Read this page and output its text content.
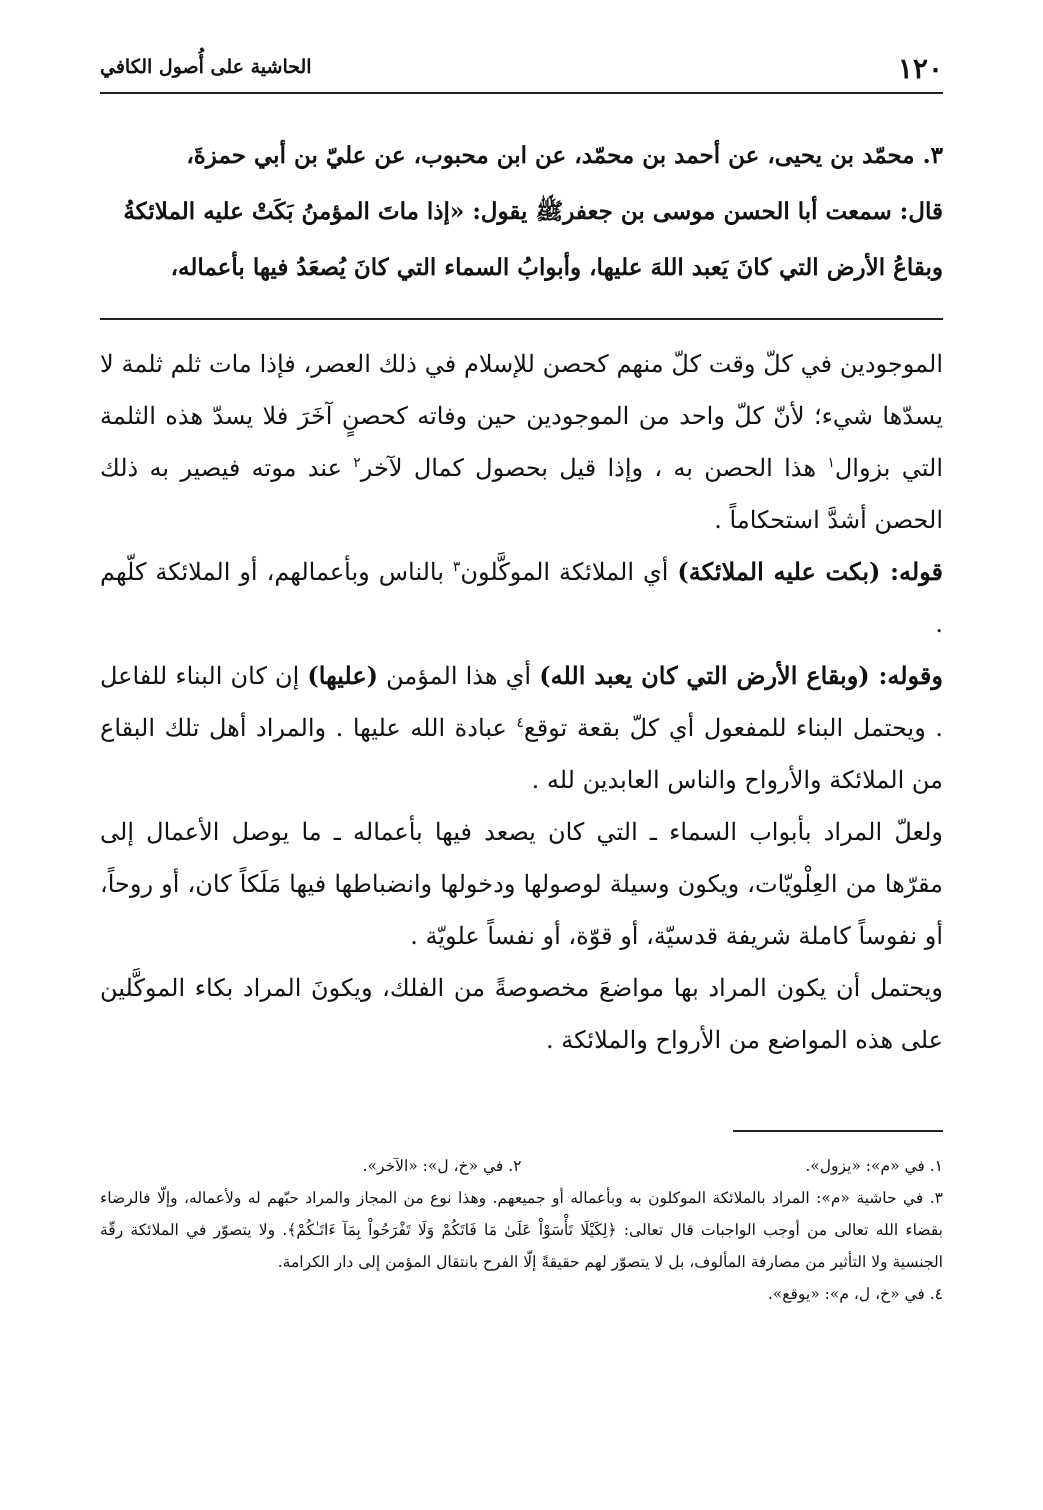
١٢٠
الحاشية على أُصول الكافي

٣. محمّد بن يحيى، عن أحمد بن محمّد، عن ابن محبوب، عن عليّ بن أبي حمزةَ،

قال: سمعت أبا الحسن موسى بن جعفرﷺ يقول: «إذا ماتَ المؤمنُ بَكَتْ عليه الملائكةُ

وبقاعُ الأرض التي كانَ يَعبد اللهَ عليها، وأبوابُ السماء التي كانَ يُصعَدُ فيها بأعماله،

الموجودين في كلّ وقت كلّ منهم كحصن للإسلام في ذلك العصر، فإذا مات ثلم ثلمة لا يسدّها شيء؛ لأنّ كلّ واحد من الموجودين حين وفاته كحصنٍ آخَرَ فلا يسدّ هذه الثلمة التي بزوال$^١$ هذا الحصن به ، وإذا قيل بحصول كمال لآخر$^٢$ عند موته فيصير به ذلك الحصن أشدَّ استحكاماً .

قوله: (بكت عليه الملائكة) أي الملائكة الموكَّلون$^٣$ بالناس وبأعمالهم، أو الملائكة كلّهم .

وقوله: (وبقاع الأرض التي كان يعبد الله) أي هذا المؤمن (عليها) إن كان البناء للفاعل . ويحتمل البناء للمفعول أي كلّ بقعة توقع$^٤$ عبادة الله عليها . والمراد أهل تلك البقاع من الملائكة والأرواح والناس العابدين لله .

ولعلّ المراد بأبواب السماء ـ التي كان يصعد فيها بأعماله ـ ما يوصل الأعمال إلى مقرّها من العِلْويّات، ويكون وسيلة لوصولها ودخولها وانضباطها فيها مَلَكاً كان، أو روحاً، أو نفوساً كاملة شريفة قدسيّة، أو قوّة، أو نفساً علويّة .

ويحتمل أن يكون المراد بها مواضعَ مخصوصةً من الفلك، ويكونَ المراد بكاء الموكَّلين على هذه المواضع من الأرواح والملائكة .

١. في «م»: «يزول».
٢. في «خ، ل»: «الآخر».

٣. في حاشية «م»: المراد بالملائكة الموكلون به وبأعماله أو جميعهم. وهذا نوع من المجاز والمراد حبّهم له ولأعماله، وإلّا فالرضاء بقضاء الله تعالى من أوجب الواجبات قال تعالى: ﴿لِكَيْلَا تَأْسَوْاْ عَلَىٰ مَا فَاتَكُمْ وَلَا تَفْرَحُواْ بِمَآ ءَاتَـٰكُمْ﴾. ولا يتصوّر في الملائكة رقّة الجنسية ولا التأثير من مصارفة المألوف، بل لا يتصوّر لهم حقيقةً إلّا الفرح بانتقال المؤمن إلى دار الكرامة.

٤. في «خ، ل، م»: «يوقع».
